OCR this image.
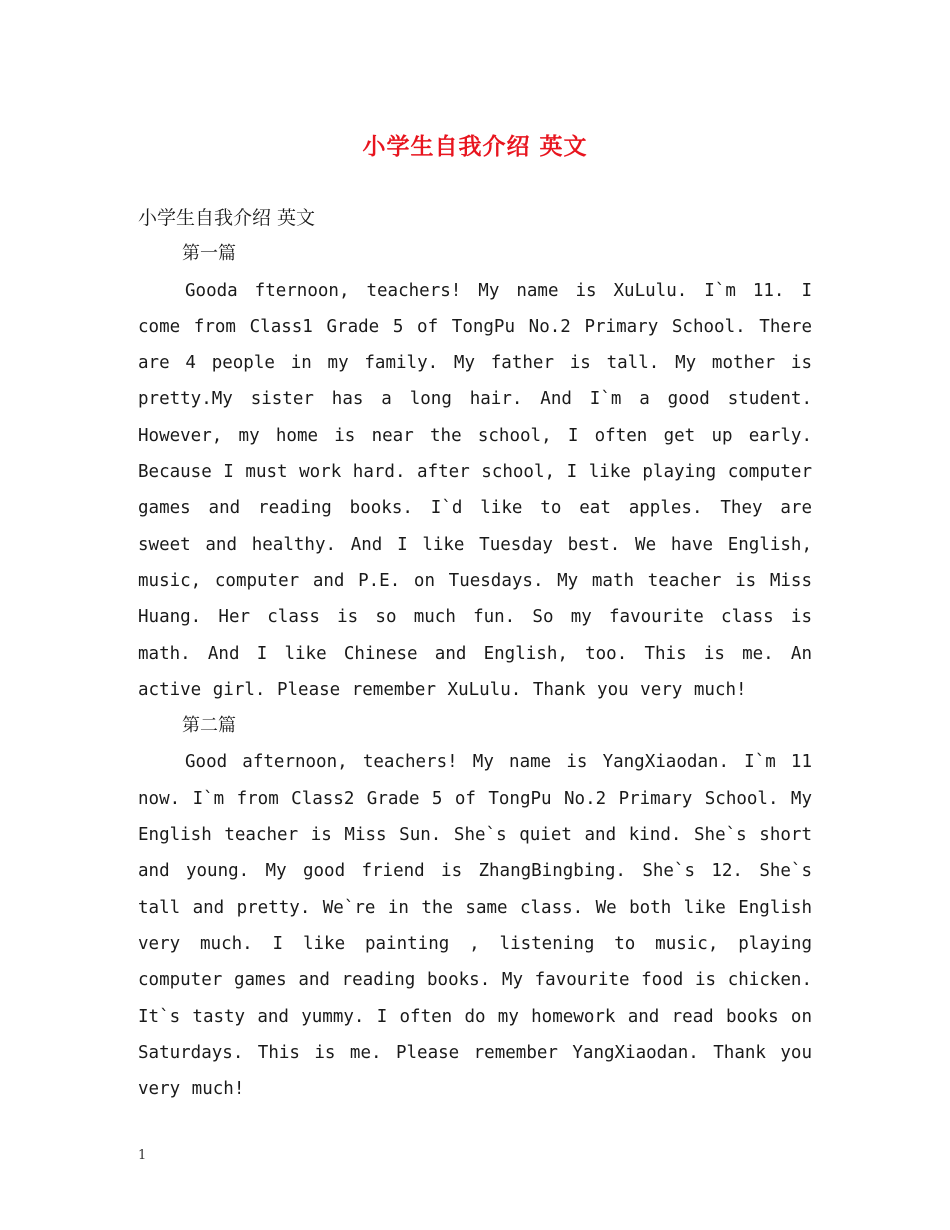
小学生自我介绍 英文
小学生自我介绍 英文
第一篇

Gooda fternoon, teachers! My name is XuLulu. I`m 11. I come from Class1 Grade 5 of TongPu No.2 Primary School. There are 4 people in my family. My father is tall. My mother is pretty.My sister has a long hair. And I`m a good student. However, my home is near the school, I often get up early. Because I must work hard. after school, I like playing computer games and reading books. I`d like to eat apples. They are sweet and healthy. And I like Tuesday best. We have English, music, computer and P.E. on Tuesdays. My math teacher is Miss Huang. Her class is so much fun. So my favourite class is math. And I like Chinese and English, too. This is me. An active girl. Please remember XuLulu. Thank you very much!

第二篇

Good afternoon, teachers! My name is YangXiaodan. I`m 11 now. I`m from Class2 Grade 5 of TongPu No.2 Primary School. My English teacher is Miss Sun. She`s quiet and kind. She`s short and young. My good friend is ZhangBingbing. She`s 12. She`s tall and pretty. We`re in the same class. We both like English very much. I like painting , listening to music, playing computer games and reading books. My favourite food is chicken. It`s tasty and yummy. I often do my homework and read books on Saturdays. This is me. Please remember YangXiaodan. Thank you very much!

1
